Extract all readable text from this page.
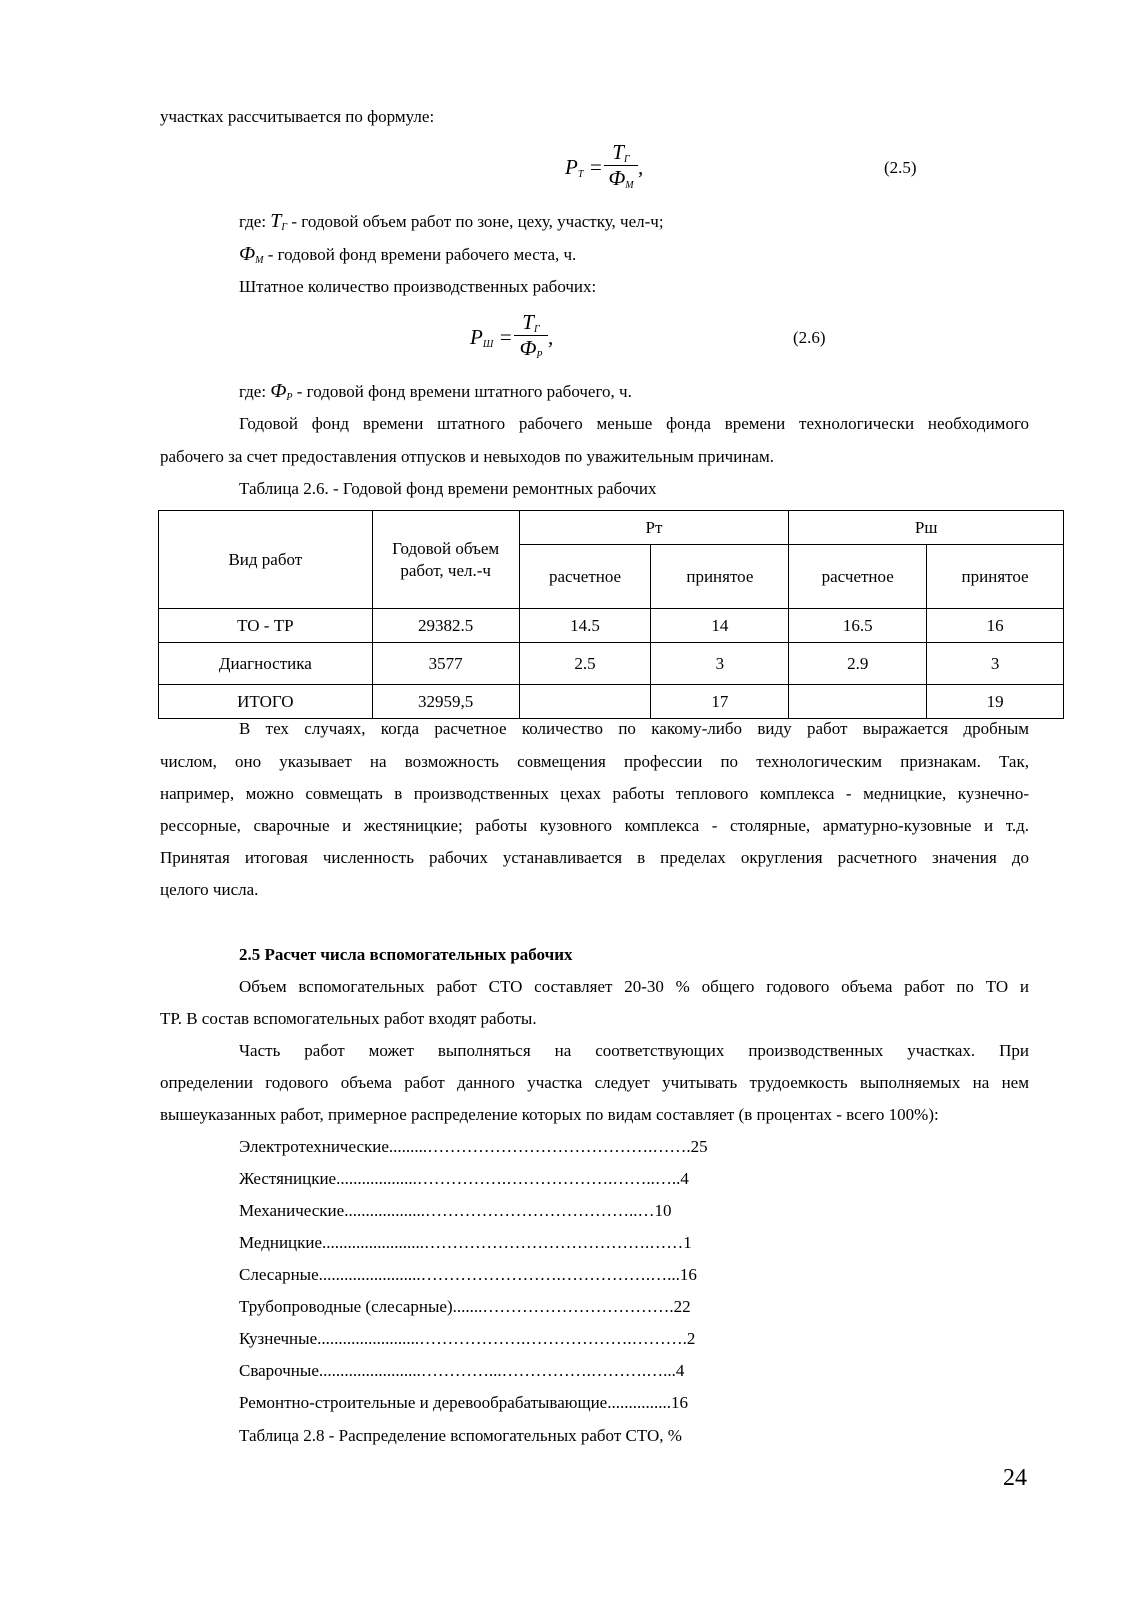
участках рассчитывается по формуле:
$P_Т$ =
$T_Г$
$Ф_М$
,	(2.5)
где: $T_Г$ - годовой объем работ по зоне, цеху, участку, чел-ч;
$Ф_М$ - годовой фонд времени рабочего места, ч.
Штатное количество производственных рабочих:
$P_Ш$ =
$T_Г$
$Ф_Р$
,	(2.6)
где: $Ф_Р$ - годовой фонд времени штатного рабочего, ч.
Годовой фонд времени штатного рабочего меньше фонда времени технологически необходимого
рабочего за счет предоставления отпусков и невыходов по уважительным причинам.
Таблица 2.6. - Годовой фонд времени ремонтных рабочих
Вид работ	Годовой объем работ, чел.-ч	Рт		Рш	
		расчетное	принятое	расчетное	принятое
ТО - ТР	29382.5	14.5	14	16.5	16
Диагностика	3577	2.5	3	2.9	3
ИТОГО	32959,5		17		19
В тех случаях, когда расчетное количество по какому-либо виду работ выражается дробным
числом, оно указывает на возможность совмещения профессии по технологическим признакам. Так,
например, можно совмещать в производственных цехах работы теплового комплекса - медницкие, кузнечно-
рессорные, сварочные и жестяницкие; работы кузовного комплекса - столярные, арматурно-кузовные и т.д.
Принятая итоговая численность рабочих устанавливается в пределах округления расчетного значения до
целого числа.
2.5 Расчет числа вспомогательных рабочих
Объем вспомогательных работ СТО составляет 20-30 % общего годового объема работ по ТО и
ТР. В состав вспомогательных работ входят работы.
Часть работ может выполняться на соответствующих производственных участках. При
определении годового объема работ данного участка следует учитывать трудоемкость выполняемых на нем
вышеуказанных работ, примерное распределение которых по видам составляет (в процентах - всего 100%):
Электротехнические.........………………………………….…….25
Жестяницкие...................…………….……………….……..…..4
Механические...................………………………………..…10
Медницкие........................………………………………….……1
Слесарные........................…………………….…………….…...16
Трубопроводные (слесарные).......…………………………….22
Кузнечные........................……………….……………….……….2
Сварочные........................…………...…………….……….…...4
Ремонтно-строительные и деревообрабатывающие...............16
Таблица 2.8 - Распределение вспомогательных работ СТО, %
24
